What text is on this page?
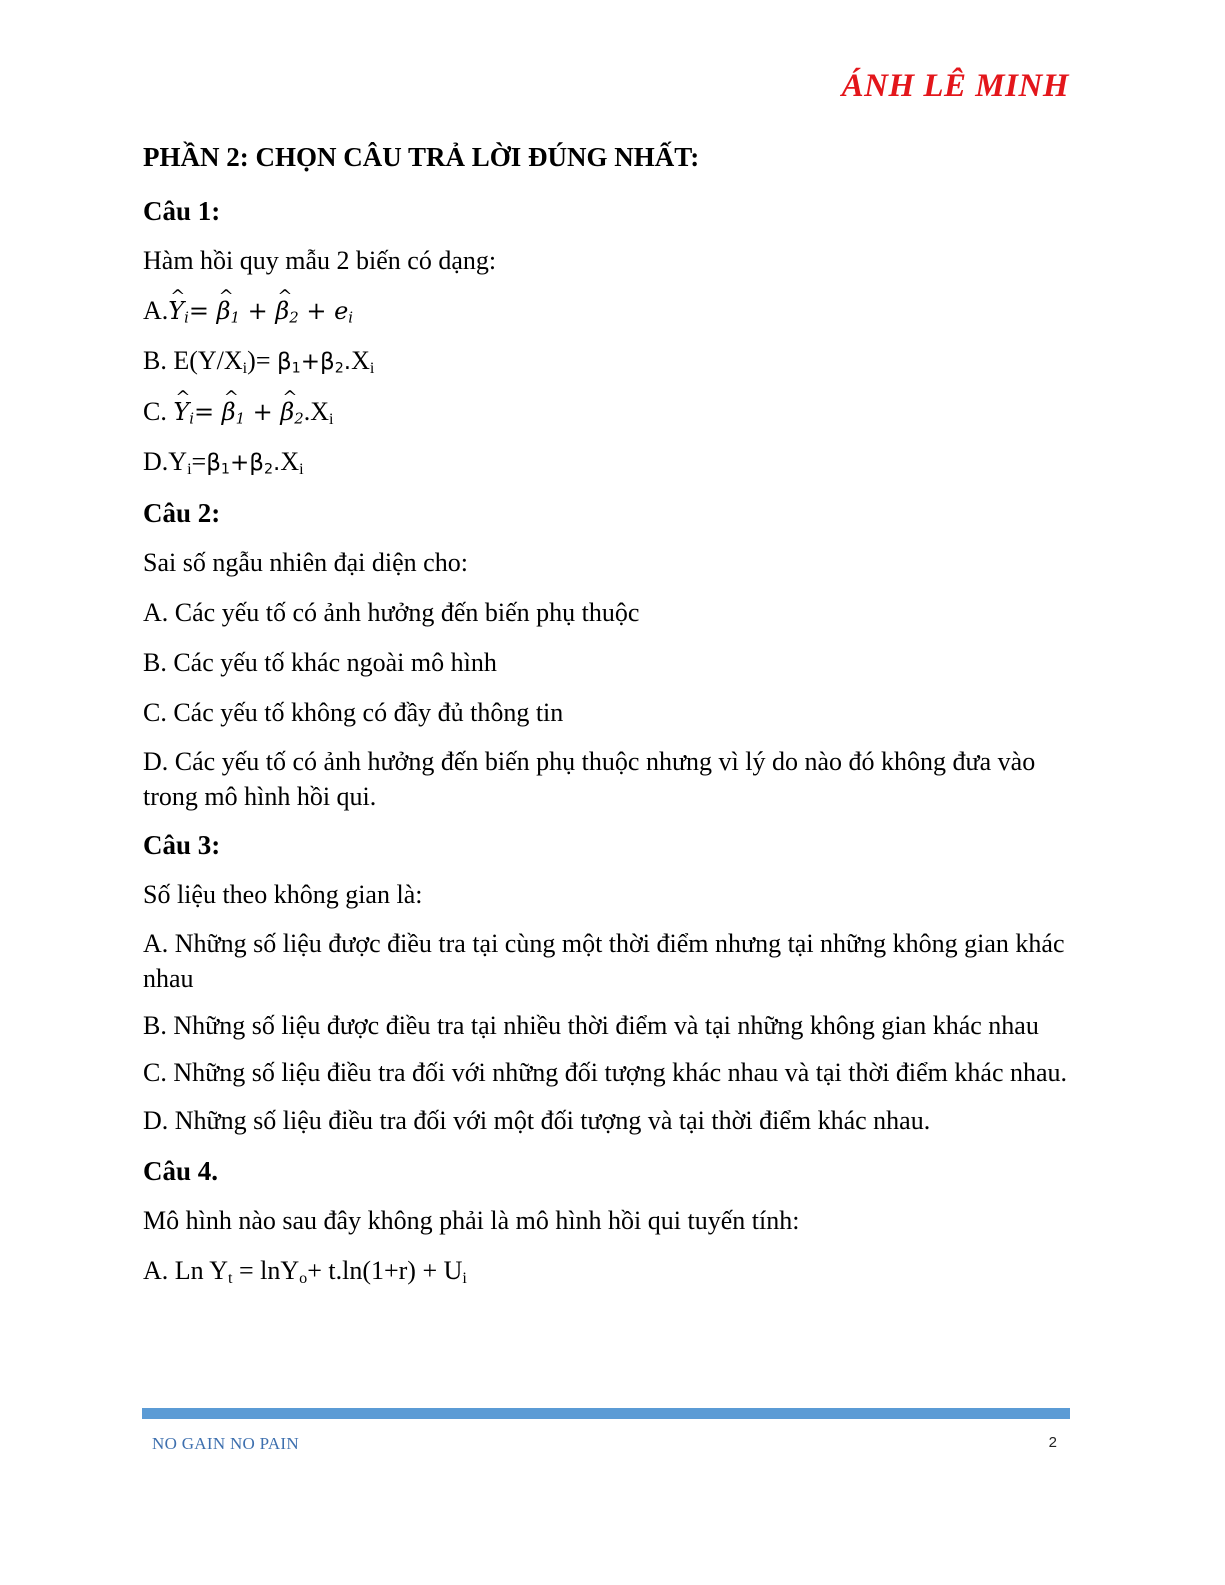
ÁNH LÊ MINH
PHẦN 2: CHỌN CÂU TRẢ LỜI ĐÚNG NHẤT:
Câu 1:
Hàm hồi quy mẫu 2 biến có dạng:
A.^ $Y_i=$ ^ $\beta_1$ + ^ $\beta_2 + e_i$
B. $E(Y/X_i)= \beta_1+\beta_2.X_i$
C. ^ $Y_i=$ ^ $\beta_1$ + ^ $\beta_2.X_i$
$D.Y_i=\beta_1+\beta_2.X_i$
Câu 2:
Sai số ngẫu nhiên đại diện cho:
A. Các yếu tố có ảnh hưởng đến biến phụ thuộc
B. Các yếu tố khác ngoài mô hình
C. Các yếu tố không có đầy đủ thông tin
D. Các yếu tố có ảnh hưởng đến biến phụ thuộc nhưng vì lý do nào đó không đưa vào trong mô hình hồi qui.
Câu 3:
Số liệu theo không gian là:
A. Những số liệu được điều tra tại cùng một thời điểm nhưng tại những không gian khác nhau
B. Những số liệu được điều tra tại nhiều thời điểm và tại những không gian khác nhau
C. Những số liệu điều tra đối với những đối tượng khác nhau và tại thời điểm khác nhau.
D. Những số liệu điều tra đối với một đối tượng và tại thời điểm khác nhau.
Câu 4.
Mô hình nào sau đây không phải là mô hình hồi qui tuyến tính:
A. Ln $Y_t = \ln Y_o+ t.\ln(1+r) + U_i$
NO GAIN NO PAIN	2
